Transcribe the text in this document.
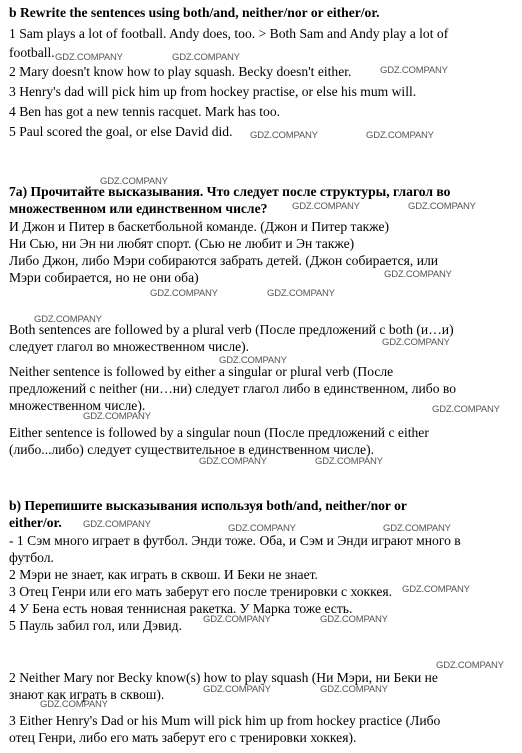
b Rewrite the sentences using both/and, neither/nor or either/or.
1 Sam plays a lot of football. Andy does, too. > Both Sam and Andy play a lot of
football.
2 Mary doesn't know how to play squash. Becky doesn't either.
3 Henry's dad will pick him up from hockey practise, or else his mum will.
4 Ben has got a new tennis racquet. Mark has too.
5 Paul scored the goal, or else David did.
7а) Прочитайте высказывания. Что следует после структуры, глагол во
множественном или единственном числе?
И Джон и Питер в баскетбольной команде. (Джон и Питер также)
Ни Сью, ни Эн ни любят спорт. (Сью не любит и Эн также)
Либо Джон, либо Мэри собираются забрать детей. (Джон собирается, или
Мэри собирается, но не они оба)
Both sentences are followed by a plural verb (После предложений с both (и…и)
следует глагол во множественном числе).
Neither sentence is followed by either a singular or plural verb (После
предложений с neither (ни…ни) следует глагол либо в единственном, либо во
множественном числе).
Either sentence is followed by a singular noun (После предложений с either
(либо...либо) следует существительное в единственном числе).
b) Перепишите высказывания используя both/and, neither/nor or
either/or.
- 1 Сэм много играет в футбол. Энди тоже. Оба, и Сэм и Энди играют много в
футбол.
2 Мэри не знает, как играть в сквош. И Беки не знает.
3 Отец Генри или его мать заберут его после тренировки с хоккея.
4 У Бена есть новая теннисная ракетка. У Марка тоже есть.
5 Пауль забил гол, или Дэвид.
2 Neither Mary nor Becky know(s) how to play squash (Ни Мэри, ни Беки не
знают как играть в сквош).
3 Either Henry's Dad or his Mum will pick him up from hockey practice (Либо
отец Генри, либо его мать заберут его с тренировки хоккея).
GDZ.COMPANY	GDZ.COMPANY
GDZ.COMPANY
GDZ.COMPANY	GDZ.COMPANY
GDZ.COMPANY
GDZ.COMPANY	GDZ.COMPANY
GDZ.COMPANY
GDZ.COMPANY	GDZ.COMPANY
GDZ.COMPANY
GDZ.COMPANY
GDZ.COMPANY
GDZ.COMPANY
GDZ.COMPANY
GDZ.COMPANY	GDZ.COMPANY
GDZ.COMPANY	GDZ.COMPANY	GDZ.COMPANY
GDZ.COMPANY
GDZ.COMPANY	GDZ.COMPANY
GDZ.COMPANY
GDZ.COMPANY	GDZ.COMPANY
GDZ.COMPANY
